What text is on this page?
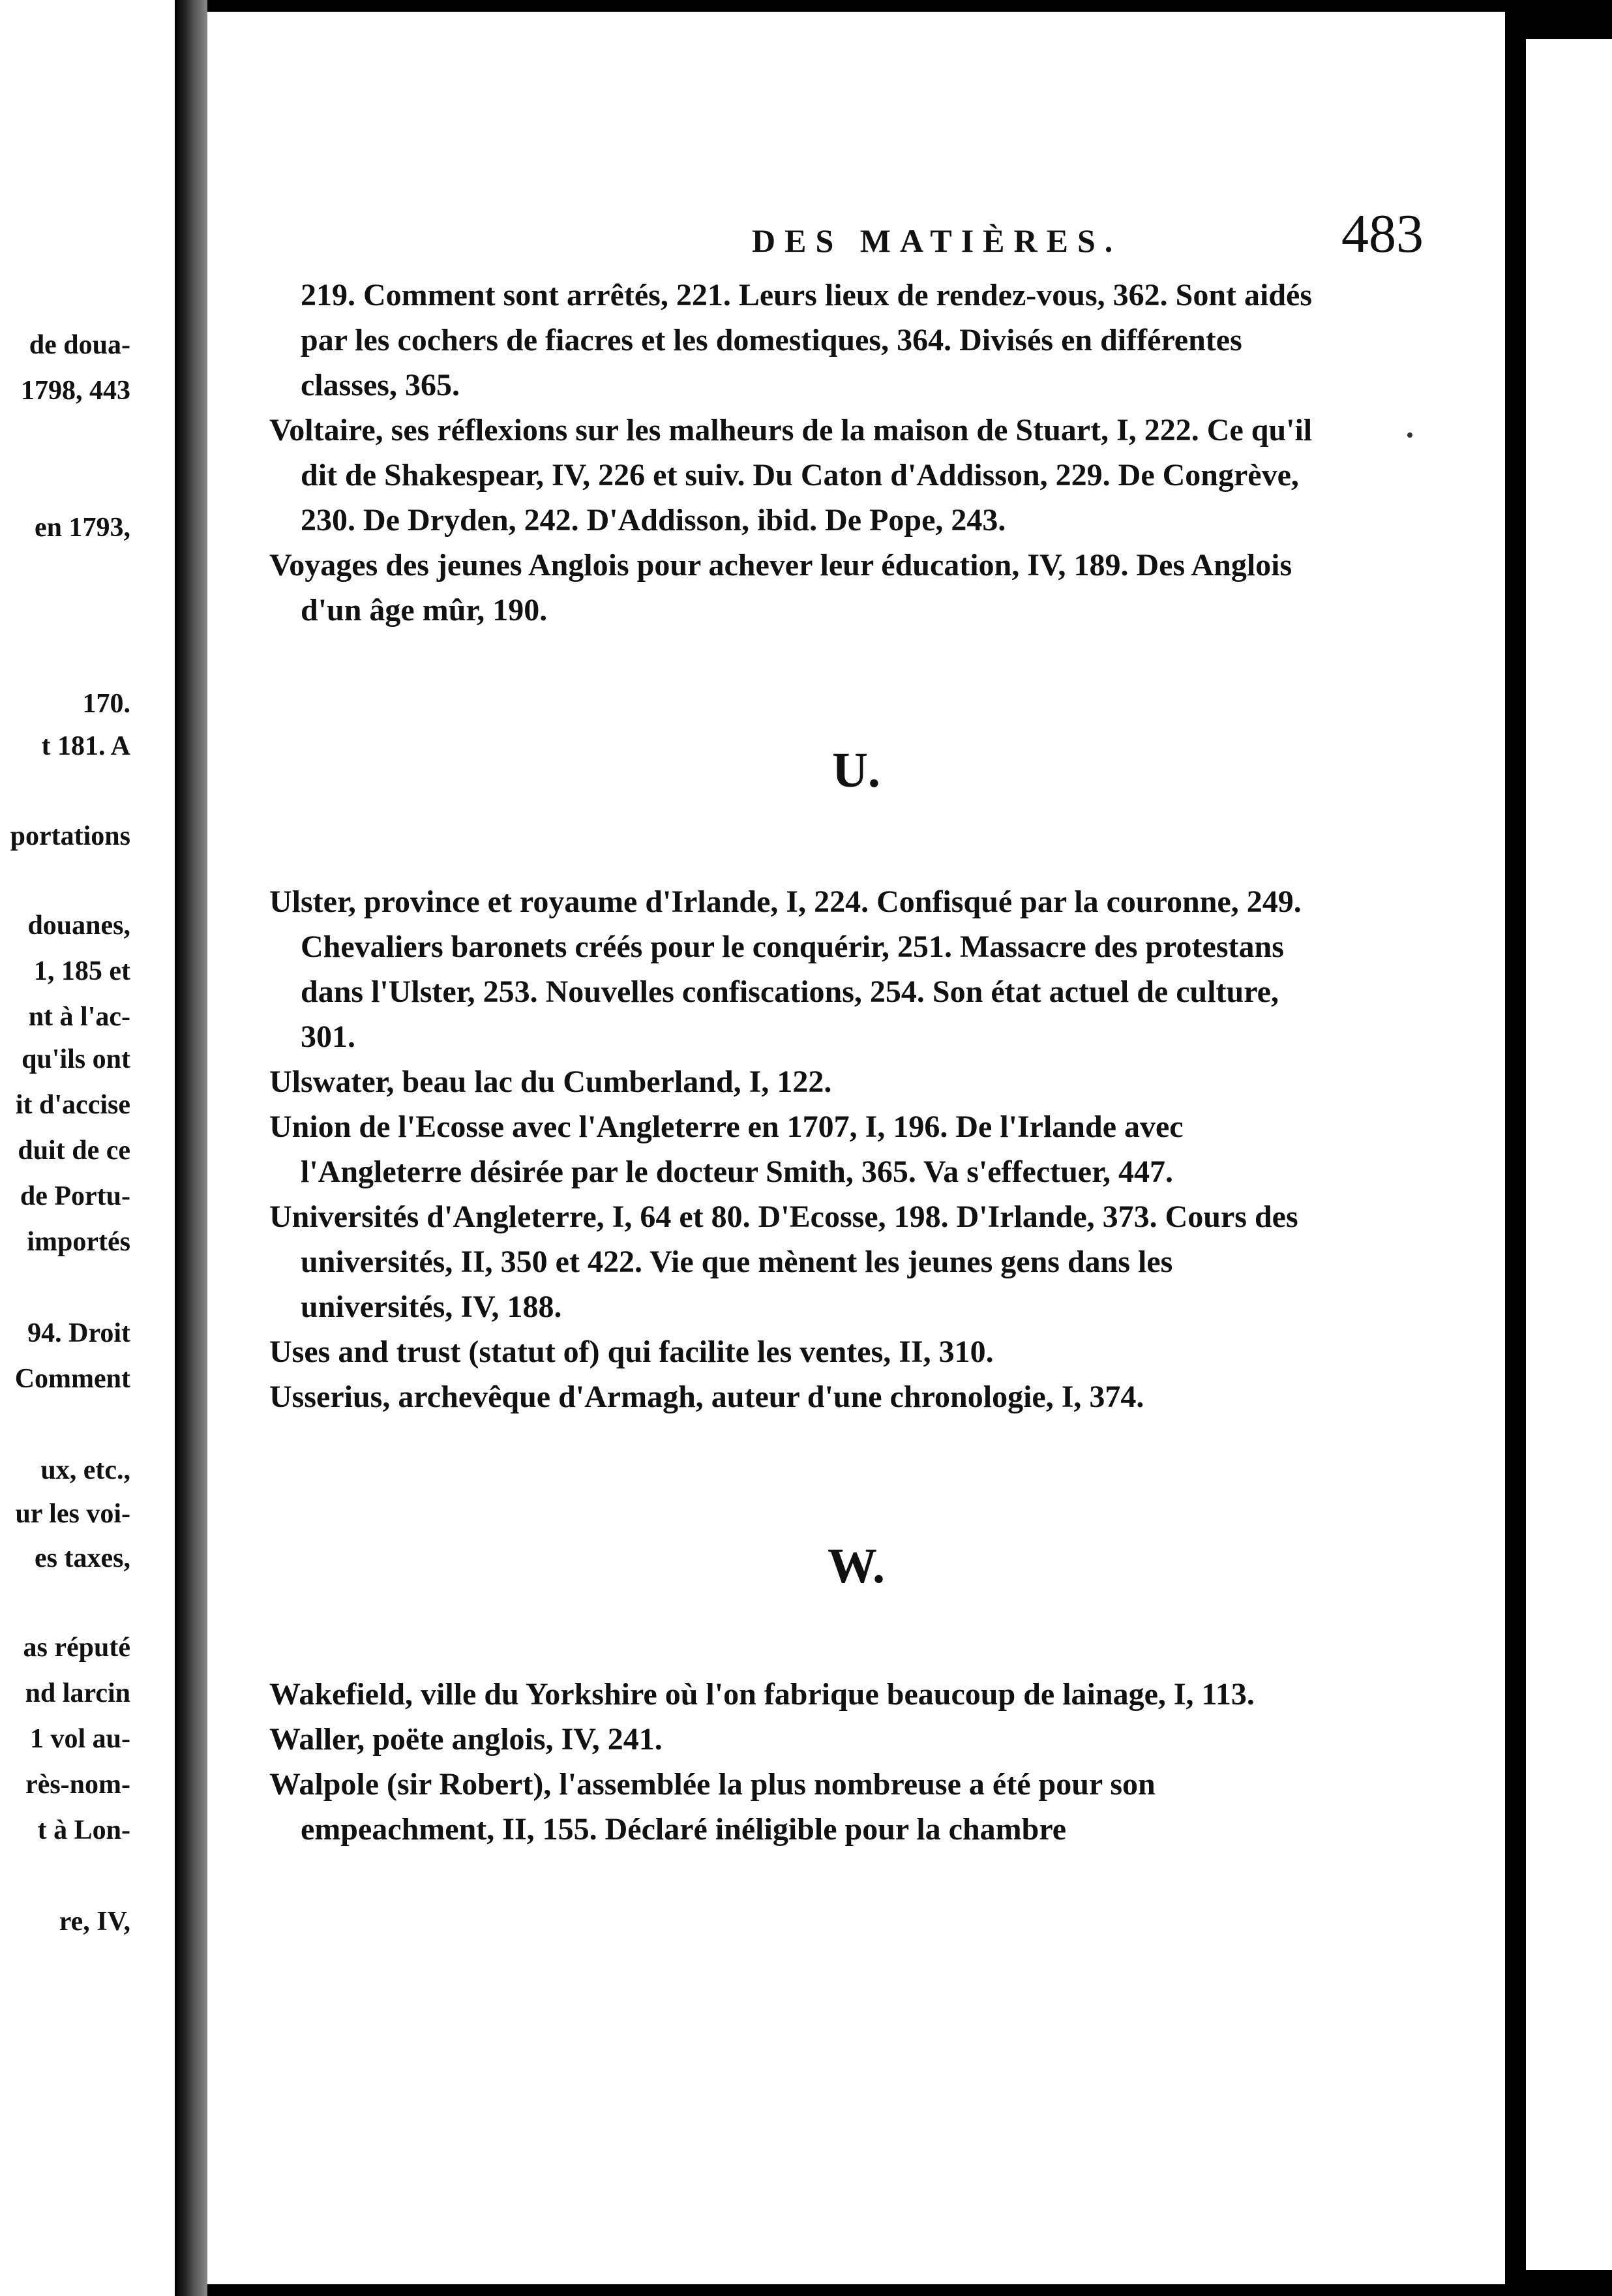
de doua-
1798, 443
en 1793,
170.
t 181. A
portations
douanes,
1, 185 et
nt à l'ac-
qu'ils ont
it d'accise
duit de ce
de Portu-
importés
94. Droit
Comment
ux, etc.,
ur les voi-
es taxes,
as réputé
nd larcin
1 vol au-
rès-nom-
t à Lon-
re, IV,
DES MATIÈRES.	483

219. Comment sont arrêtés, 221. Leurs lieux de rendez-vous, 362. Sont aidés par les cochers de fiacres et les domestiques, 364. Divisés en différentes classes, 365.

Voltaire, ses réflexions sur les malheurs de la maison de Stuart, I, 222. Ce qu'il dit de Shakespear, IV, 226 et suiv. Du Caton d'Addisson, 229. De Congrève, 230. De Dryden, 242. D'Addisson, ibid. De Pope, 243.

Voyages des jeunes Anglois pour achever leur éducation, IV, 189. Des Anglois d'un âge mûr, 190.

U.

Ulster, province et royaume d'Irlande, I, 224. Confisqué par la couronne, 249. Chevaliers baronets créés pour le conquérir, 251. Massacre des protestans dans l'Ulster, 253. Nouvelles confiscations, 254. Son état actuel de culture, 301.

Ulswater, beau lac du Cumberland, I, 122.

Union de l'Ecosse avec l'Angleterre en 1707, I, 196. De l'Irlande avec l'Angleterre désirée par le docteur Smith, 365. Va s'effectuer, 447.

Universités d'Angleterre, I, 64 et 80. D'Ecosse, 198. D'Irlande, 373. Cours des universités, II, 350 et 422. Vie que mènent les jeunes gens dans les universités, IV, 188.

Uses and trust (statut of) qui facilite les ventes, II, 310.

Usserius, archevêque d'Armagh, auteur d'une chronologie, I, 374.

W.

Wakefield, ville du Yorkshire où l'on fabrique beaucoup de lainage, I, 113.

Waller, poëte anglois, IV, 241.

Walpole (sir Robert), l'assemblée la plus nombreuse a été pour son empeachment, II, 155. Déclaré inéligible pour la chambre
